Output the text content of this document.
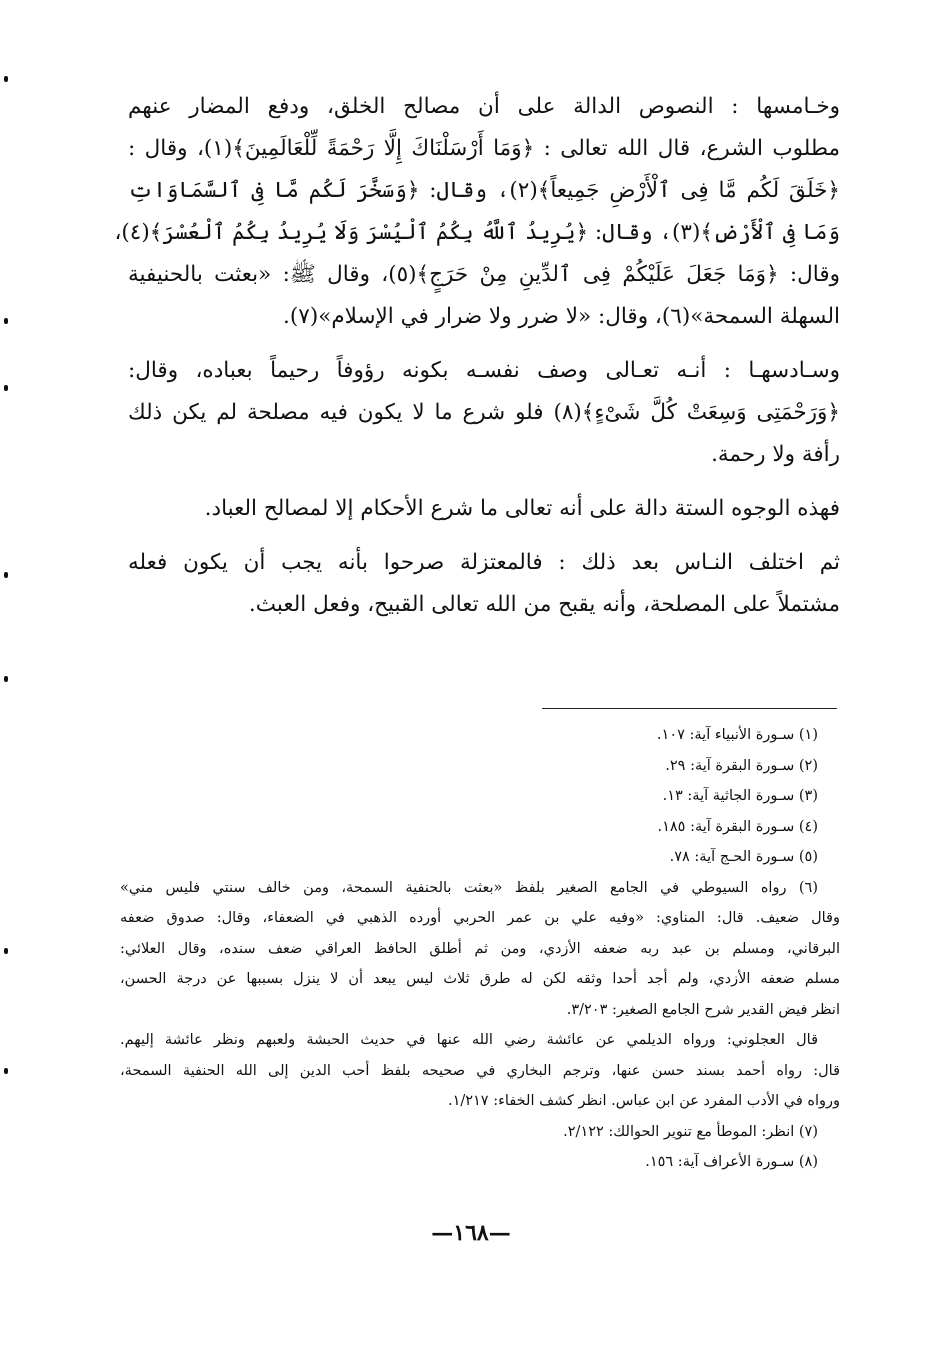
وخـامسها : النصوص الدالة على أن مصالح الخلق، ودفع المضار عنهم
مطلوب الشرع، قال الله تعالى : ﴿وَمَا أَرْسَلْنَاكَ إِلَّا رَحْمَةً لِّلْعَالَمِينَ﴾(١)، وقال :
﴿خَلَقَ لَكُم مَّا فِى ٱلْأَرْضِ جَمِيعاً﴾(٢)، وقال: ﴿وَسَخَّرَ لَكُم مَّا فِى ٱلسَّمَاوَاتِ
وَمَا فِى ٱلْأَرْضِ﴾(٣)، وقال: ﴿يُرِيدُ ٱللَّهُ بِكُمُ ٱلْيُسْرَ وَلَا يُرِيدُ بِكُمُ ٱلْعُسْرَ﴾(٤)،
وقال: ﴿وَمَا جَعَلَ عَلَيْكُمْ فِى ٱلدِّينِ مِنْ حَرَجٍ﴾(٥)، وقال ﷺ: «بعثت بالحنيفية
السهلة السمحة»(٦)، وقال: «لا ضرر ولا ضرار في الإسلام»(٧).

وسـادسهـا : أنـه تعـالى وصف نفسـه بكونه رؤوفاً رحيماً بعباده، وقال:
﴿وَرَحْمَتِى وَسِعَتْ كُلَّ شَىْءٍ﴾(٨) فلو شرع ما لا يكون فيه مصلحة لم يكن ذلك
رأفة ولا رحمة.

فهذه الوجوه الستة دالة على أنه تعالى ما شرع الأحكام إلا لمصالح العباد.

ثم اختلف النـاس بعد ذلك : فالمعتزلة صرحوا بأنه يجب أن يكون فعله
مشتملاً على المصلحة، وأنه يقبح من الله تعالى القبيح، وفعل العبث.

(١) سـورة الأنبياء آية: ١٠٧.
(٢) سـورة البقرة آية: ٢٩.
(٣) سـورة الجاثية آية: ١٣.
(٤) سـورة البقرة آية: ١٨٥.
(٥) سـورة الحـج آية: ٧٨.
(٦) رواه السيوطي في الجامع الصغير بلفظ «بعثت بالحنفية السمحة، ومن خالف سنتي فليس مني»
وقال ضعيف. قال: المناوي: «وفيه علي بن عمر الحربي أورده الذهبي في الضعفاء، وقال: صدوق ضعفه
البرقاني، ومسلم بن عبد ربه ضعفه الأزدي، ومن ثم أطلق الحافظ العراقي ضعف سنده، وقال العلائي:
مسلم ضعفه الأزدي، ولم أجد أحدا وثقه لكن له طرق ثلاث ليس يبعد أن لا ينزل بسببها عن درجة الحسن،
انظر فيض القدير شرح الجامع الصغير: ٣/٢٠٣.
قال العجلوني: ورواه الديلمي عن عائشة رضي الله عنها في حديث الحبشة ولعبهم ونظر عائشة إليهم.
قال: رواه أحمد بسند حسن عنها، وترجم البخاري في صحيحه بلفظ أحب الدين إلى الله الحنفية السمحة،
ورواه في الأدب المفرد عن ابن عباس. انظر كشف الخفاء: ١/٢١٧.
(٧) انظر: الموطأ مع تنوير الحوالك: ٢/١٢٢.
(٨) سـورة الأعراف آية: ١٥٦.
—١٦٨—
